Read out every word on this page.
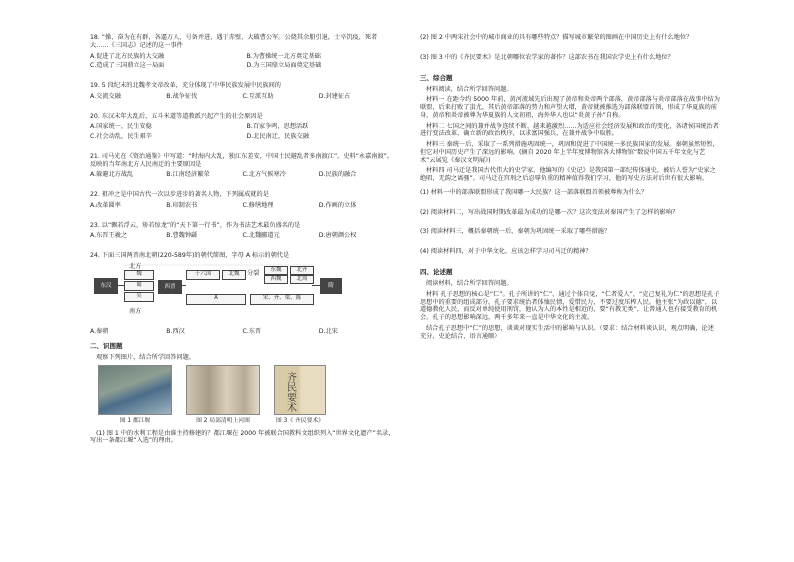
18. “操，奋为在有群，各逼万人，号备并进，遇于赤壁，大破曹公军。公烧其余船引退，士卒饥疫，死者大……《三国志》记述的这一事件

A.促进了北方民族的大交融	B.为曹操统一北方奠定基础
C.造成了三国鼎立这一局面	D.为三国鼎立局面奠定基础

19. 5 段纪末的北魏孝文帝改革，充分体现了中华民族发展中民族间的

A.交流交融	B.战争征伐	C.互派互助	D.封建征占

20. 东汉末年大乱后，五斗米道等道教派兴起产生的社会原因是

A.国家统一，民生安稳	B.百家争鸣，思想活跃
C.社会动乱，民生艰辛	D.北民南迁，民族交融

21. 司马光在《资治通鉴》中写道：“时海内大乱，独江东差安，中国士民避乱者多南渡江”。史料“永嘉南渡”。反映的当年南北方人民南迁的主要原因是

A.躲避北方战乱	B.江南经济繁荣	C.北方气候寒冷	D.民族的融合

22. 祖冲之是中国古代一次以步进步的著名人物，下列属成就的是

A.改革圆率	B.印制农书	C.修缮地理	D.作画的立体

23. 以“飘若浮云，矫若惊龙”的“天下第一行书”，作为书法艺术最负盛名的是

A.东晋王羲之	B.曹魏钟繇	C.北魏郦道元	D.唐朝颜公权

24. 下面三国两晋南北朝(220-589年)的朝代简图，字母 A 标示的朝代是

北方
东汉
魏
蜀
吴
西晋
十六国	北魏	分裂	东魏
西魏
北齐
北周
A	宋、齐、梁、陈
隋
南方
A.秦朝	B.西汉	C.东晋	D.北宋
二、识图题

观察下列图片，结合所学回答问题。

图 1 都江堰	图 2 局部清明上河图
齐民要术
图 3《 齐民要术》

(1) 图 1 中的水利工程是由谁主持修建的？都江堰在 2000 年被联合国教科文组织列入“世界文化遗产”名录，写出一条都江堰“入选”的理由。

(2) 图 2 中两宋社会中的城市商业的具有哪些特点？描写城市繁荣的图画在中国历史上有什么地位？

(3) 图 3 中的《齐民要术》是北朝哪位农学家的著作？这部农书在我国农学史上有什么地位？

三、综合题

材料阅读，结合所学回答问题。

材料一 在距今约 5000 年前，黄河流域先后出现了黄帝和炎帝两个部落，黄帝部落与炎帝部落在战事中结为联盟，后来打败了蚩尤，其后黄帝部落的势力和声望大增，黄帝就被推选为部落联盟首领，形成了华夏族的前身，黄帝和炎帝被尊为华夏族的人文初祖，海外华人也以“炎黄子孙”自称。

材料二 七国之间的兼并战争连续不断，越来越激烈……为适应社会经济发展和政治的变化，各诸侯国统治者进行变法改革，确立新的政治秩序，以求富国强兵，在兼并战争中取胜。

材料三 秦统一后，采取了一系列措施巩固统一，巩固和促进了中国统一多民族国家的发展。秦朝虽然短暂，但它对中国历史产生了深远的影响。(摘自 2020 年上半年度博物馆各大博物馆“数说中国五千年文化与艺术”云展览《秦汉文明展》)

材料四 司马迁是我国古代伟大的史学家，他编写的《史记》是我国第一部纪传体通史，被后人誉为“史家之绝唱，无韵之离骚”。司马迁在宫刑之后忍辱负重的精神值得我们学习，他的写史方法对后世有很大影响。

(1) 材料一中的部落联盟形成了我国哪一大民族？这一部落联盟首领被尊称为什么？

(2) 阅读材料二，写出战国时期改革最为成功的是哪一次？这次变法对秦国产生了怎样的影响？

(3) 阅读材料三，概括秦朝统一后，秦朝为巩固统一采取了哪些措施？

(4) 阅读材料四，对于中华文化，应该怎样学习司马迁的精神？

四、论述题

阅读材料，结合所学回答问题。

材料 孔子思想的核心是“仁”。孔子所讲的“仁”，通过个体自觉，“仁者爱人”，“克己复礼为仁”的思想是孔子思想中的重要的组成部分。孔子要求统治者体恤民情，爱惜民力，不要过度压榨人民。他主张“为政以德”，以道德教化人民，而反对单纯使用刑罚，他认为人的本性是相近的，要“有教无类”，让普通人也有接受教育的机会。孔子的思想影响深远，两千多年来一直是中华文化的主流。

结合孔子思想中“仁”的思想，谈谈对现实生活中的影响与认识。（要求：结合材料谈认识，观点明确，论述充分，史论结合，语言通顺）
